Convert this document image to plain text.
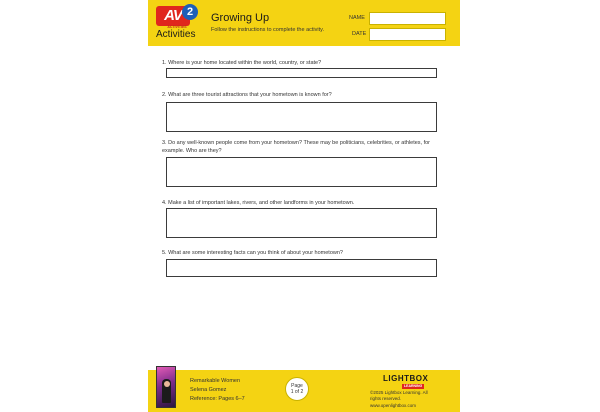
AV 2
ACTIVITIES
Activities
Growing Up
Follow the instructions to complete the activity.
NAME
DATE
1. Where is your home located within the world, country, or state?
2. What are three tourist attractions that your hometown is known for?
3. Do any well-known people come from your hometown? These may be politicians, celebrities, or athletes, for example. Who are they?
4. Make a list of important lakes, rivers, and other landforms in your hometown.
5. What are some interesting facts can you think of about your hometown?
Remarkable Women
Selena Gomez
Reference: Pages 6–7
Page
1 of 2
LIGHTBOX
LEARNING
©2025 Lightbox Learning. All
rights reserved.
www.openlightbox.com
